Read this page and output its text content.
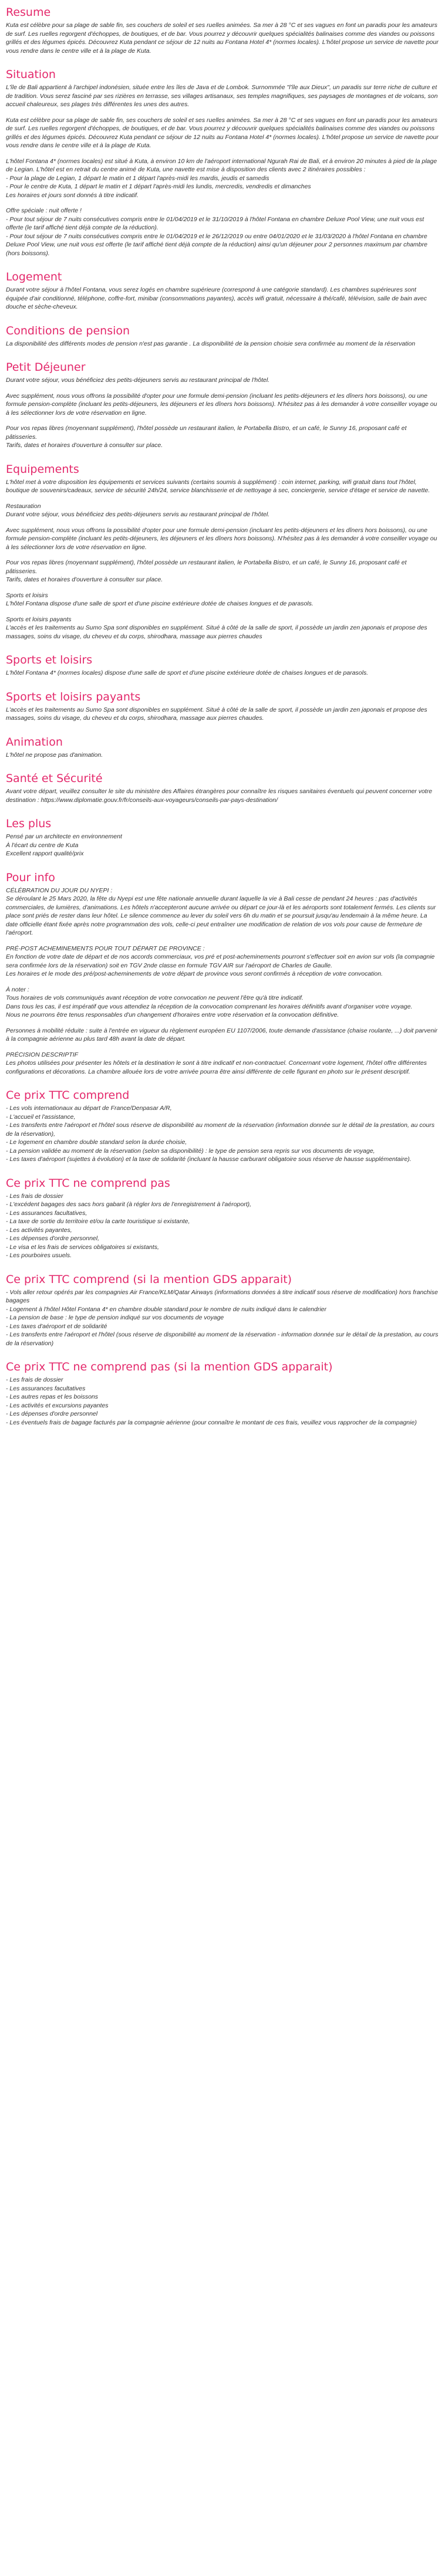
Resume

Kuta est célèbre pour sa plage de sable fin, ses couchers de soleil et ses ruelles animées. Sa mer à 28 °C et ses vagues en font un paradis pour les amateurs de surf. Les ruelles regorgent d'échoppes, de boutiques, et de bar. Vous pourrez y découvrir quelques spécialités balinaises comme des viandes ou poissons grillés et des légumes épicés. Découvrez Kuta pendant ce séjour de 12 nuits au Fontana Hotel 4* (normes locales). L'hôtel propose un service de navette pour vous rendre dans le centre ville et à la plage de Kuta.

Situation

L'île de Bali appartient à l'archipel indonésien, située entre les îles de Java et de Lombok. Surnommée "l'île aux Dieux", un paradis sur terre riche de culture et de tradition. Vous serez fasciné par ses rizières en terrasse, ses villages artisanaux, ses temples magnifiques, ses paysages de montagnes et de volcans, son accueil chaleureux, ses plages très différentes les unes des autres.

Kuta est célèbre pour sa plage de sable fin, ses couchers de soleil et ses ruelles animées. Sa mer à 28 °C et ses vagues en font un paradis pour les amateurs de surf. Les ruelles regorgent d'échoppes, de boutiques, et de bar. Vous pourrez y découvrir quelques spécialités balinaises comme des viandes ou poissons grillés et des légumes épicés. Découvrez Kuta pendant ce séjour de 12 nuits au Fontana Hotel 4* (normes locales). L'hôtel propose un service de navette pour vous rendre dans le centre ville et à la plage de Kuta.

L'hôtel Fontana 4* (normes locales) est situé à Kuta, à environ 10 km de l'aéroport international Ngurah Rai de Bali, et à environ 20 minutes à pied de la plage de Legian. L'hôtel est en retrait du centre animé de Kuta, une navette est mise à disposition des clients avec 2 itinéraires possibles :
- Pour la plage de Legian, 1 départ le matin et 1 départ l'après-midi les mardis, jeudis et samedis
- Pour le centre de Kuta, 1 départ le matin et 1 départ l'après-midi les lundis, mercredis, vendredis et dimanches
Les horaires et jours sont donnés à titre indicatif.

Offre spéciale : nuit offerte !
- Pour tout séjour de 7 nuits consécutives compris entre le 01/04/2019 et le 31/10/2019 à l'hôtel Fontana en chambre Deluxe Pool View, une nuit vous est offerte (le tarif affiché tient déjà compte de la réduction).
- Pour tout séjour de 7 nuits consécutives compris entre le 01/04/2019 et le 26/12/2019 ou entre 04/01/2020 et le 31/03/2020 à l'hôtel Fontana en chambre Deluxe Pool View, une nuit vous est offerte (le tarif affiché tient déjà compte de la réduction) ainsi qu'un déjeuner pour 2 personnes maximum par chambre (hors boissons).

Logement

Durant votre séjour à l'hôtel Fontana, vous serez logés en chambre supérieure (correspond à une catégorie standard). Les chambres supérieures sont équipée d'air conditionné, téléphone, coffre-fort, minibar (consommations payantes), accès wifi gratuit, nécessaire à thé/café, télévision, salle de bain avec douche et sèche-cheveux.

Conditions de pension

La disponibilité des différents modes de pension n'est pas garantie . La disponibilité de la pension choisie sera confirmée au moment de la réservation

Petit Déjeuner

Durant votre séjour, vous bénéficiez des petits-déjeuners servis au restaurant principal de l'hôtel.

Avec supplément, nous vous offrons la possibilité d'opter pour une formule demi-pension (incluant les petits-déjeuners et les dîners hors boissons), ou une formule pension-complète (incluant les petits-déjeuners, les déjeuners et les dîners hors boissons). N'hésitez pas à les demander à votre conseiller voyage ou à les sélectionner lors de votre réservation en ligne.

Pour vos repas libres (moyennant supplément), l'hôtel possède un restaurant italien, le Portabella Bistro, et un café, le Sunny 16, proposant café et pâtisseries.
Tarifs, dates et horaires d'ouverture à consulter sur place.

Equipements

L'hôtel met à votre disposition les équipements et services suivants (certains soumis à supplément) : coin internet, parking, wifi gratuit dans tout l'hôtel, boutique de souvenirs/cadeaux, service de sécurité 24h/24, service blanchisserie et de nettoyage à sec, conciergerie, service d'étage et service de navette.

Restauration
Durant votre séjour, vous bénéficiez des petits-déjeuners servis au restaurant principal de l'hôtel.

Avec supplément, nous vous offrons la possibilité d'opter pour une formule demi-pension (incluant les petits-déjeuners et les dîners hors boissons), ou une formule pension-complète (incluant les petits-déjeuners, les déjeuners et les dîners hors boissons). N'hésitez pas à les demander à votre conseiller voyage ou à les sélectionner lors de votre réservation en ligne.

Pour vos repas libres (moyennant supplément), l'hôtel possède un restaurant italien, le Portabella Bistro, et un café, le Sunny 16, proposant café et pâtisseries.
Tarifs, dates et horaires d'ouverture à consulter sur place.

Sports et loisirs
L'hôtel Fontana dispose d'une salle de sport et d'une piscine extérieure dotée de chaises longues et de parasols.

Sports et loisirs payants
L'accès et les traitements au Sumo Spa sont disponibles en supplément. Situé à côté de la salle de sport, il possède un jardin zen japonais et propose des massages, soins du visage, du cheveu et du corps, shirodhara, massage aux pierres chaudes

Sports et loisirs

L'hôtel Fontana 4* (normes locales) dispose d'une salle de sport et d'une piscine extérieure dotée de chaises longues et de parasols.

Sports et loisirs payants

L'accès et les traitements au Sumo Spa sont disponibles en supplément. Situé à côté de la salle de sport, il possède un jardin zen japonais et propose des massages, soins du visage, du cheveu et du corps, shirodhara, massage aux pierres chaudes.

Animation

L'hôtel ne propose pas d'animation.

Santé et Sécurité

Avant votre départ, veuillez consulter le site du ministère des Affaires étrangères pour connaître les risques sanitaires éventuels qui peuvent concerner votre destination : https://www.diplomatie.gouv.fr/fr/conseils-aux-voyageurs/conseils-par-pays-destination/

Les plus

Pensé par un architecte en environnement
À l'écart du centre de Kuta
Excellent rapport qualité/prix

Pour info

CÉLÉBRATION DU JOUR DU NYEPI :
Se déroulant le 25 Mars 2020, la fête du Nyepi est une fête nationale annuelle durant laquelle la vie à Bali cesse de pendant 24 heures : pas d'activités commerciales, de lumières, d'animations. Les hôtels n'accepteront aucune arrivée ou départ ce jour-là et les aéroports sont totalement fermés. Les clients sur place sont priés de rester dans leur hôtel. Le silence commence au lever du soleil vers 6h du matin et se poursuit jusqu'au lendemain à la même heure. La date officielle étant fixée après notre programmation des vols, celle-ci peut entraîner une modification de relation de vos vols pour cause de fermeture de l'aéroport.

PRÉ-POST ACHEMINEMENTS POUR TOUT DÉPART DE PROVINCE :
En fonction de votre date de départ et de nos accords commerciaux, vos pré et post-acheminements pourront s'effectuer soit en avion sur vols (la compagnie sera confirmée lors de la réservation) soit en TGV 2nde classe en formule TGV AIR sur l'aéroport de Charles de Gaulle.
Les horaires et le mode des pré/post-acheminements de votre départ de province vous seront confirmés à réception de votre convocation.

À noter :
Tous horaires de vols communiqués avant réception de votre convocation ne peuvent l'être qu'à titre indicatif.
Dans tous les cas, il est impératif que vous attendiez la réception de la convocation comprenant les horaires définitifs avant d'organiser votre voyage.
Nous ne pourrons être tenus responsables d'un changement d'horaires entre votre réservation et la convocation définitive.

Personnes à mobilité réduite : suite à l'entrée en vigueur du règlement européen EU 1107/2006, toute demande d'assistance (chaise roulante, ...) doit parvenir à la compagnie aérienne au plus tard 48h avant la date de départ.

PRÉCISION DESCRIPTIF
Les photos utilisées pour présenter les hôtels et la destination le sont à titre indicatif et non-contractuel. Concernant votre logement, l'hôtel offre différentes configurations et décorations. La chambre allouée lors de votre arrivée pourra être ainsi différente de celle figurant en photo sur le présent descriptif.

Ce prix TTC comprend
- Les vols internationaux au départ de France/Denpasar A/R,
- L'accueil et l'assistance,
- Les transferts entre l'aéroport et l'hôtel sous réserve de disponibilité au moment de la réservation (information donnée sur le détail de la prestation, au cours de la réservation),
- Le logement en chambre double standard selon la durée choisie,
- La pension validée au moment de la réservation (selon sa disponibilité) : le type de pension sera repris sur vos documents de voyage,
- Les taxes d'aéroport (sujettes à évolution) et la taxe de solidarité (incluant la hausse carburant obligatoire sous réserve de hausse supplémentaire).
Ce prix TTC ne comprend pas
- Les frais de dossier
- L'excédent bagages des sacs hors gabarit (à régler lors de l'enregistrement à l'aéroport),
- Les assurances facultatives,
- La taxe de sortie du territoire et/ou la carte touristique si existante,
- Les activités payantes,
- Les dépenses d'ordre personnel,
- Le visa et les frais de services obligatoires si existants,
- Les pourboires usuels.
Ce prix TTC comprend (si la mention GDS apparait)
- Vols aller retour opérés par les compagnies Air France/KLM/Qatar Airways (informations données à titre indicatif sous réserve de modification) hors franchise bagages
- Logement à l'hôtel Hôtel Fontana 4* en chambre double standard pour le nombre de nuits indiqué dans le calendrier
- La pension de base : le type de pension indiqué sur vos documents de voyage
- Les taxes d'aéroport et de solidarité
- Les transferts entre l'aéroport et l'hôtel (sous réserve de disponibilité au moment de la réservation - information donnée sur le détail de la prestation, au cours de la réservation)
Ce prix TTC ne comprend pas (si la mention GDS apparait)
- Les frais de dossier
- Les assurances facultatives
- Les autres repas et les boissons
- Les activités et excursions payantes
- Les dépenses d'ordre personnel
- Les éventuels frais de bagage facturés par la compagnie aérienne (pour connaître le montant de ces frais, veuillez vous rapprocher de la compagnie)
